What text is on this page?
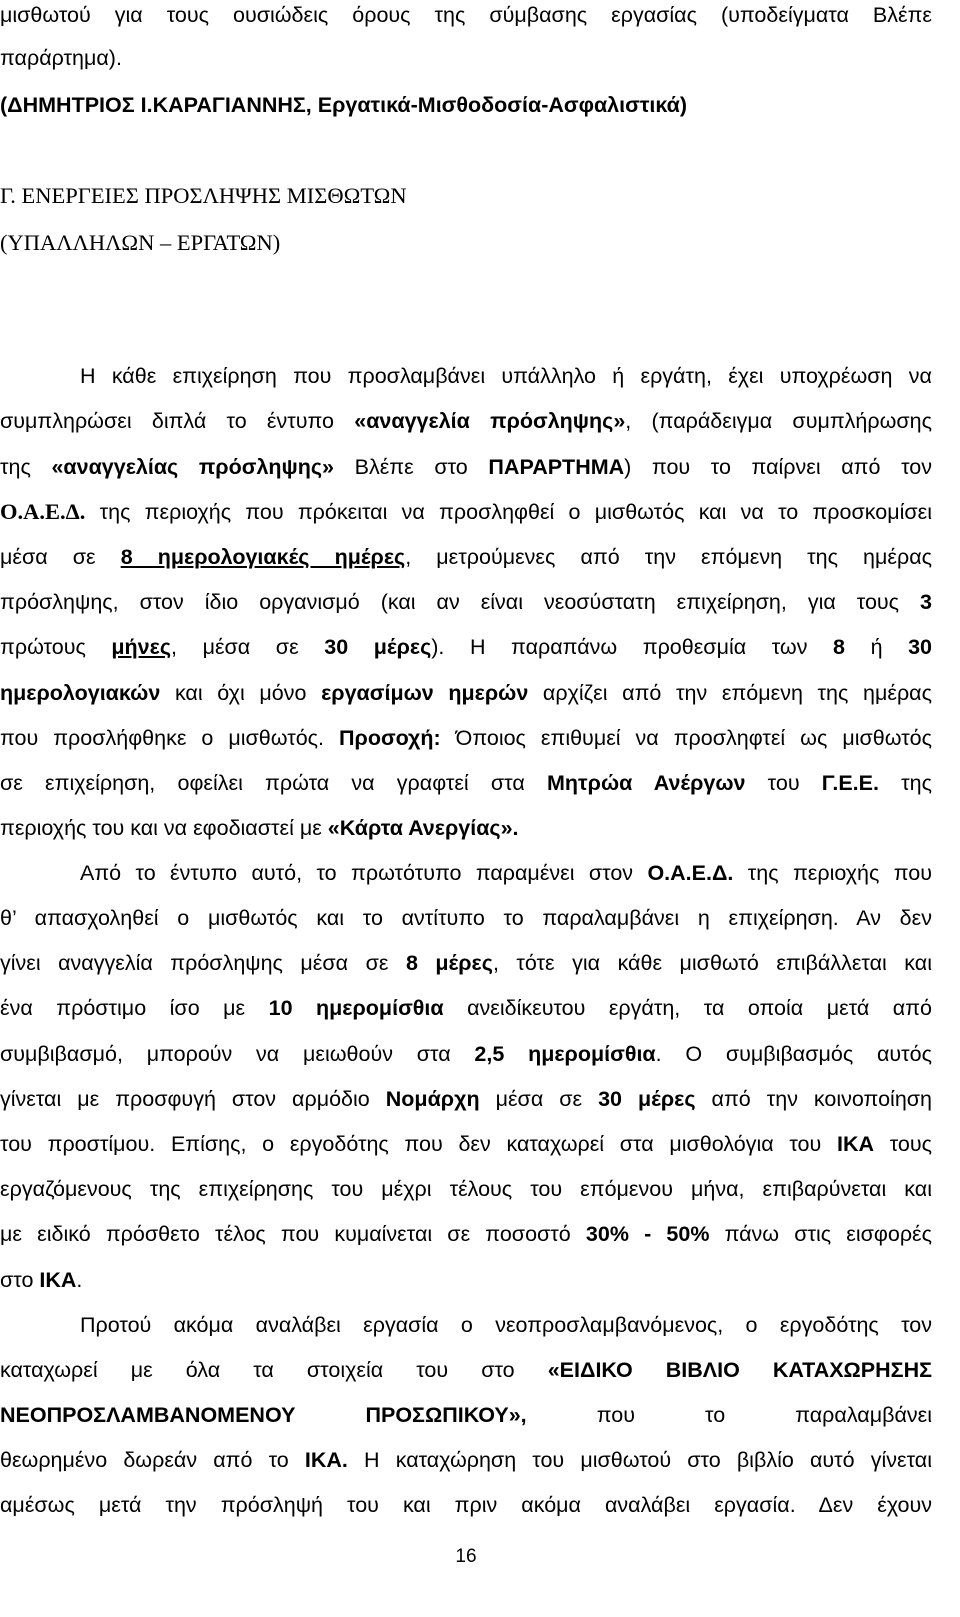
μισθωτού για τους ουσιώδεις όρους της σύμβασης εργασίας (υποδείγματα Βλέπε
παράρτημα).
(ΔΗΜΗΤΡΙΟΣ Ι.ΚΑΡΑΓΙΑΝΝΗΣ, Εργατικά-Μισθοδοσία-Ασφαλιστικά)
Γ. ΕΝΕΡΓΕΙΕΣ ΠΡΟΣΛΗΨΗΣ ΜΙΣΘΩΤΩΝ
(ΥΠΑΛΛΗΛΩΝ – ΕΡΓΑΤΩΝ)
Η κάθε επιχείρηση που προσλαμβάνει υπάλληλο ή εργάτη, έχει υποχρέωση να
συμπληρώσει διπλά το έντυπο «αναγγελία πρόσληψης», (παράδειγμα συμπλήρωσης
της «αναγγελίας πρόσληψης» Βλέπε στο ΠΑΡΑΡΤΗΜΑ) που το παίρνει από τον
Ο.Α.Ε.Δ. της περιοχής που πρόκειται να προσληφθεί ο μισθωτός και να το προσκομίσει
μέσα σε 8 ημερολογιακές ημέρες, μετρούμενες από την επόμενη της ημέρας
πρόσληψης, στον ίδιο οργανισμό (και αν είναι νεοσύστατη επιχείρηση, για τους 3
πρώτους μήνες, μέσα σε 30 μέρες). Η παραπάνω προθεσμία των 8 ή 30
ημερολογιακών και όχι μόνο εργασίμων ημερών αρχίζει από την επόμενη της ημέρας
που προσλήφθηκε ο μισθωτός. Προσοχή: Όποιος επιθυμεί να προσληφτεί ως μισθωτός
σε επιχείρηση, οφείλει πρώτα να γραφτεί στα Μητρώα Ανέργων του Γ.Ε.Ε. της
περιοχής του και να εφοδιαστεί με «Κάρτα Ανεργίας».
Από το έντυπο αυτό, το πρωτότυπο παραμένει στον Ο.Α.Ε.Δ. της περιοχής που
θ’ απασχοληθεί ο μισθωτός και το αντίτυπο το παραλαμβάνει η επιχείρηση. Αν δεν
γίνει αναγγελία πρόσληψης μέσα σε 8 μέρες, τότε για κάθε μισθωτό επιβάλλεται και
ένα πρόστιμο ίσο με 10 ημερομίσθια ανειδίκευτου εργάτη, τα οποία μετά από
συμβιβασμό, μπορούν να μειωθούν στα 2,5 ημερομίσθια. Ο συμβιβασμός αυτός
γίνεται με προσφυγή στον αρμόδιο Νομάρχη μέσα σε 30 μέρες από την κοινοποίηση
του προστίμου. Επίσης, ο εργοδότης που δεν καταχωρεί στα μισθολόγια του ΙΚΑ τους
εργαζόμενους της επιχείρησης του μέχρι τέλους του επόμενου μήνα, επιβαρύνεται και
με ειδικό πρόσθετο τέλος που κυμαίνεται σε ποσοστό 30% - 50% πάνω στις εισφορές
στο ΙΚΑ.
Προτού ακόμα αναλάβει εργασία ο νεοπροσλαμβανόμενος, ο εργοδότης τον
καταχωρεί με όλα τα στοιχεία του στο «ΕΙΔΙΚΟ ΒΙΒΛΙΟ ΚΑΤΑΧΩΡΗΣΗΣ
ΝΕΟΠΡΟΣΛΑΜΒΑΝΟΜΕΝΟΥ ΠΡΟΣΩΠΙΚΟΥ», που το παραλαμβάνει
θεωρημένο δωρεάν από το ΙΚΑ. Η καταχώρηση του μισθωτού στο βιβλίο αυτό γίνεται
αμέσως μετά την πρόσληψή του και πριν ακόμα αναλάβει εργασία. Δεν έχουν
16
